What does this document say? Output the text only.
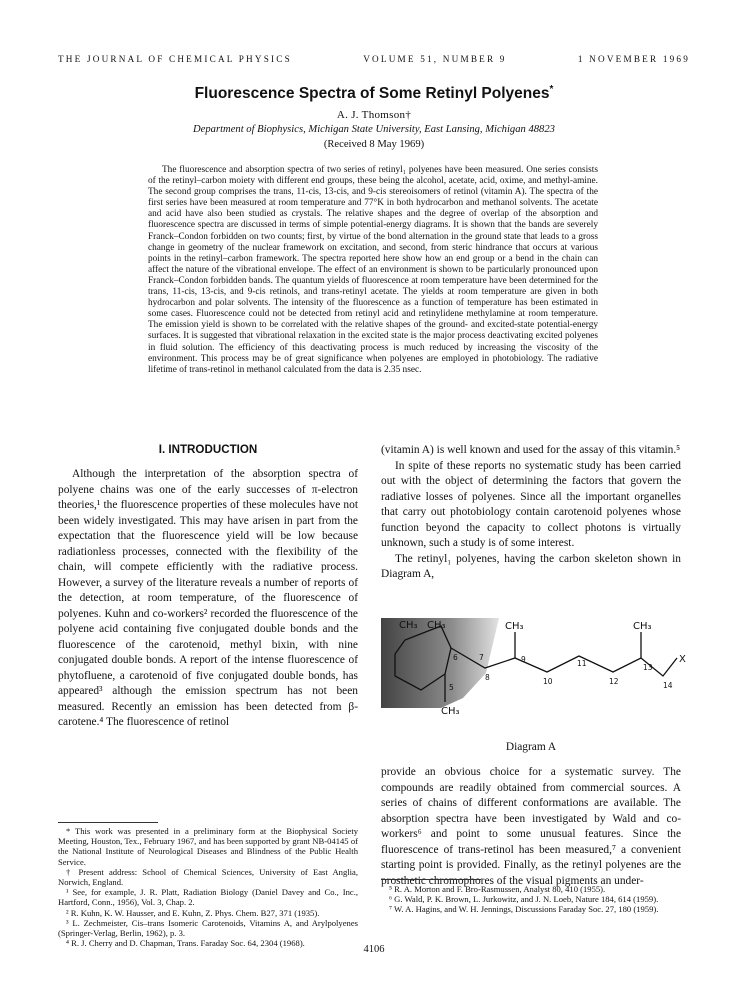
THE JOURNAL OF CHEMICAL PHYSICS	VOLUME 51, NUMBER 9	1 NOVEMBER 1969
Fluorescence Spectra of Some Retinyl Polyenes*
A. J. Thomson†
Department of Biophysics, Michigan State University, East Lansing, Michigan 48823
(Received 8 May 1969)

The fluorescence and absorption spectra of two series of retinyl₁ polyenes have been measured. One series consists of the retinyl–carbon moiety with different end groups, these being the alcohol, acetate, acid, oxime, and methyl-amine. The second group comprises the trans, 11-cis, 13-cis, and 9-cis stereoisomers of retinol (vitamin A). The spectra of the first series have been measured at room temperature and 77°K in both hydrocarbon and methanol solvents. The acetate and acid have also been studied as crystals. The relative shapes and the degree of overlap of the absorption and fluorescence spectra are discussed in terms of simple potential-energy diagrams. It is shown that the bands are severely Franck–Condon forbidden on two counts; first, by virtue of the bond alternation in the ground state that leads to a gross change in geometry of the nuclear framework on excitation, and second, from steric hindrance that occurs at various points in the retinyl–carbon framework. The spectra reported here show how an end group or a bend in the chain can affect the nature of the vibrational envelope. The effect of an environment is shown to be particularly pronounced upon Franck–Condon forbidden bands. The quantum yields of fluorescence at room temperature have been determined for the trans, 11-cis, 13-cis, and 9-cis retinols, and trans-retinyl acetate. The yields at room temperature are given in both hydrocarbon and polar solvents. The intensity of the fluorescence as a function of temperature has been estimated in some cases. Fluorescence could not be detected from retinyl acid and retinylidene methylamine at room temperature. The emission yield is shown to be correlated with the relative shapes of the ground- and excited-state potential-energy surfaces. It is suggested that vibrational relaxation in the excited state is the major process deactivating excited polyenes in fluid solution. The efficiency of this deactivating process is much reduced by increasing the viscosity of the environment. This process may be of great significance when polyenes are employed in photobiology. The radiative lifetime of trans-retinol in methanol calculated from the data is 2.35 nsec.

I. INTRODUCTION

Although the interpretation of the absorption spectra of polyene chains was one of the early successes of π-electron theories,¹ the fluorescence properties of these molecules have not been widely investigated. This may have arisen in part from the expectation that the fluorescence yield will be low because radiationless processes, connected with the flexibility of the chain, will compete efficiently with the radiative process. However, a survey of the literature reveals a number of reports of the detection, at room temperature, of the fluorescence of polyenes. Kuhn and co-workers² recorded the fluorescence of the polyene acid containing five conjugated double bonds and the fluorescence of the carotenoid, methyl bixin, with nine conjugated double bonds. A report of the intense fluorescence of phytofluene, a carotenoid of five conjugated double bonds, has appeared³ although the emission spectrum has not been measured. Recently an emission has been detected from β-carotene.⁴ The fluorescence of retinol

(vitamin A) is well known and used for the assay of this vitamin.⁵

In spite of these reports no systematic study has been carried out with the object of determining the factors that govern the radiative losses of polyenes. Since all the important organelles that carry out photobiology contain carotenoid polyenes whose function beyond the capacity to collect photons is virtually unknown, such a study is of some interest.

The retinyl₁ polyenes, having the carbon skeleton shown in Diagram A,

CH₃ CH₃	CH₃	CH₃
CH₃
X
6	7
8
9
10
11
12
13
14
5
Diagram A

provide an obvious choice for a systematic survey. The compounds are readily obtained from commercial sources. A series of chains of different conformations are available. The absorption spectra have been investigated by Wald and co-workers⁶ and point to some unusual features. Since the fluorescence of trans-retinol has been measured,⁷ a convenient starting point is provided. Finally, as the retinyl polyenes are the prosthetic chromophores of the visual pigments an under-

* This work was presented in a preliminary form at the Biophysical Society Meeting, Houston, Tex., February 1967, and has been supported by grant NB-04145 of the National Institute of Neurological Diseases and Blindness of the Public Health Service.

† Present address: School of Chemical Sciences, University of East Anglia, Norwich, England.

¹ See, for example, J. R. Platt, Radiation Biology (Daniel Davey and Co., Inc., Hartford, Conn., 1956), Vol. 3, Chap. 2.

² R. Kuhn, K. W. Hausser, and E. Kuhn, Z. Phys. Chem. B27, 371 (1935).

³ L. Zechmeister, Cis–trans Isomeric Carotenoids, Vitamins A, and Arylpolyenes (Springer-Verlag, Berlin, 1962), p. 3.

⁴ R. J. Cherry and D. Chapman, Trans. Faraday Soc. 64, 2304 (1968).

⁵ R. A. Morton and F. Bro-Rasmussen, Analyst 80, 410 (1955).

⁶ G. Wald, P. K. Brown, L. Jurkowitz, and J. N. Loeb, Nature 184, 614 (1959).

⁷ W. A. Hagins, and W. H. Jennings, Discussions Faraday Soc. 27, 180 (1959).

4106
